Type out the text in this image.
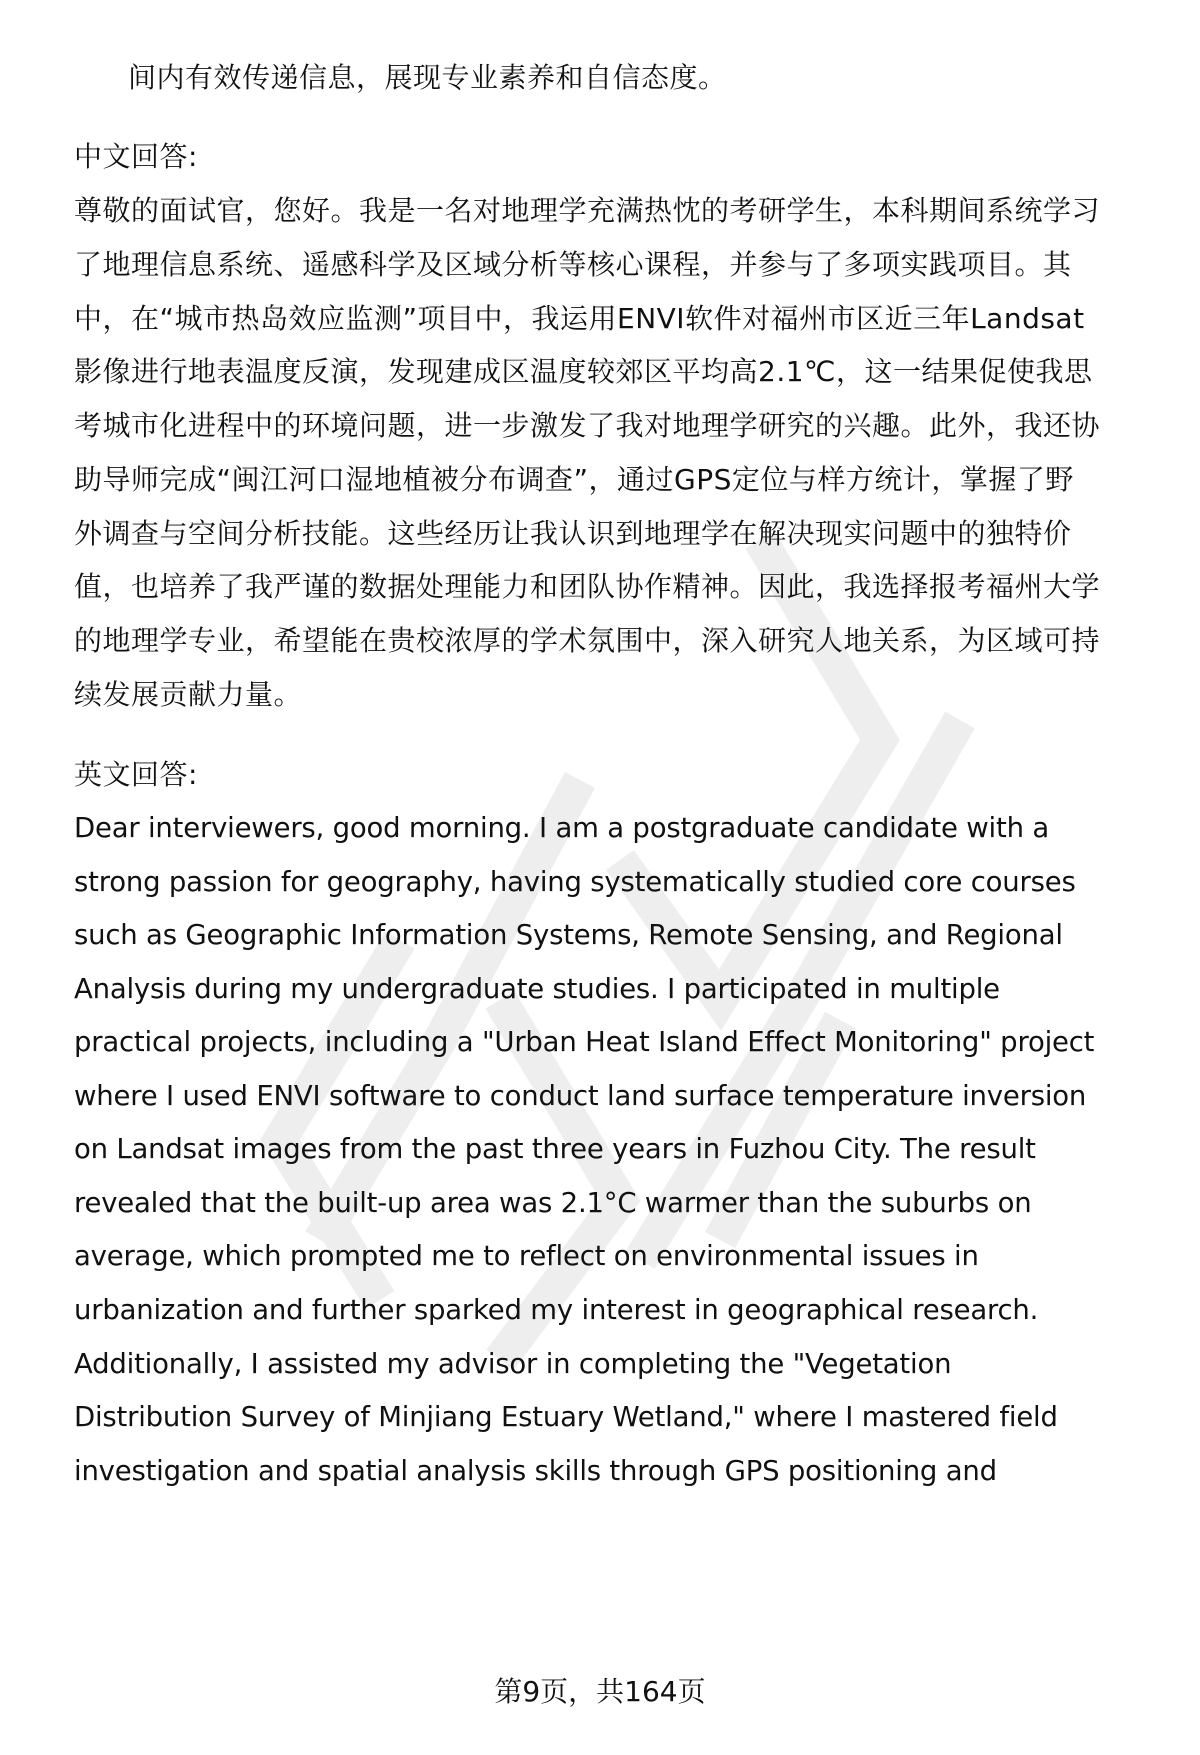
间内有效传递信息，展现专业素养和自信态度。
中文回答:
尊敬的面试官，您好。我是一名对地理学充满热忱的考研学生，本科期间系统学习
了地理信息系统、遥感科学及区域分析等核心课程，并参与了多项实践项目。其
中，在“城市热岛效应监测”项目中，我运用ENVI软件对福州市区近三年Landsat
影像进行地表温度反演，发现建成区温度较郊区平均高2.1℃，这一结果促使我思
考城市化进程中的环境问题，进一步激发了我对地理学研究的兴趣。此外，我还协
助导师完成“闽江河口湿地植被分布调查”，通过GPS定位与样方统计，掌握了野
外调查与空间分析技能。这些经历让我认识到地理学在解决现实问题中的独特价
值，也培养了我严谨的数据处理能力和团队协作精神。因此，我选择报考福州大学
的地理学专业，希望能在贵校浓厚的学术氛围中，深入研究人地关系，为区域可持
续发展贡献力量。
英文回答:
Dear interviewers, good morning. I am a postgraduate candidate with a
strong passion for geography, having systematically studied core courses
such as Geographic Information Systems, Remote Sensing, and Regional
Analysis during my undergraduate studies. I participated in multiple
practical projects, including a "Urban Heat Island Effect Monitoring" project
where I used ENVI software to conduct land surface temperature inversion
on Landsat images from the past three years in Fuzhou City. The result
revealed that the built-up area was 2.1°C warmer than the suburbs on
average, which prompted me to reflect on environmental issues in
urbanization and further sparked my interest in geographical research.
Additionally, I assisted my advisor in completing the "Vegetation
Distribution Survey of Minjiang Estuary Wetland," where I mastered field
investigation and spatial analysis skills through GPS positioning and
第9页，共164页
